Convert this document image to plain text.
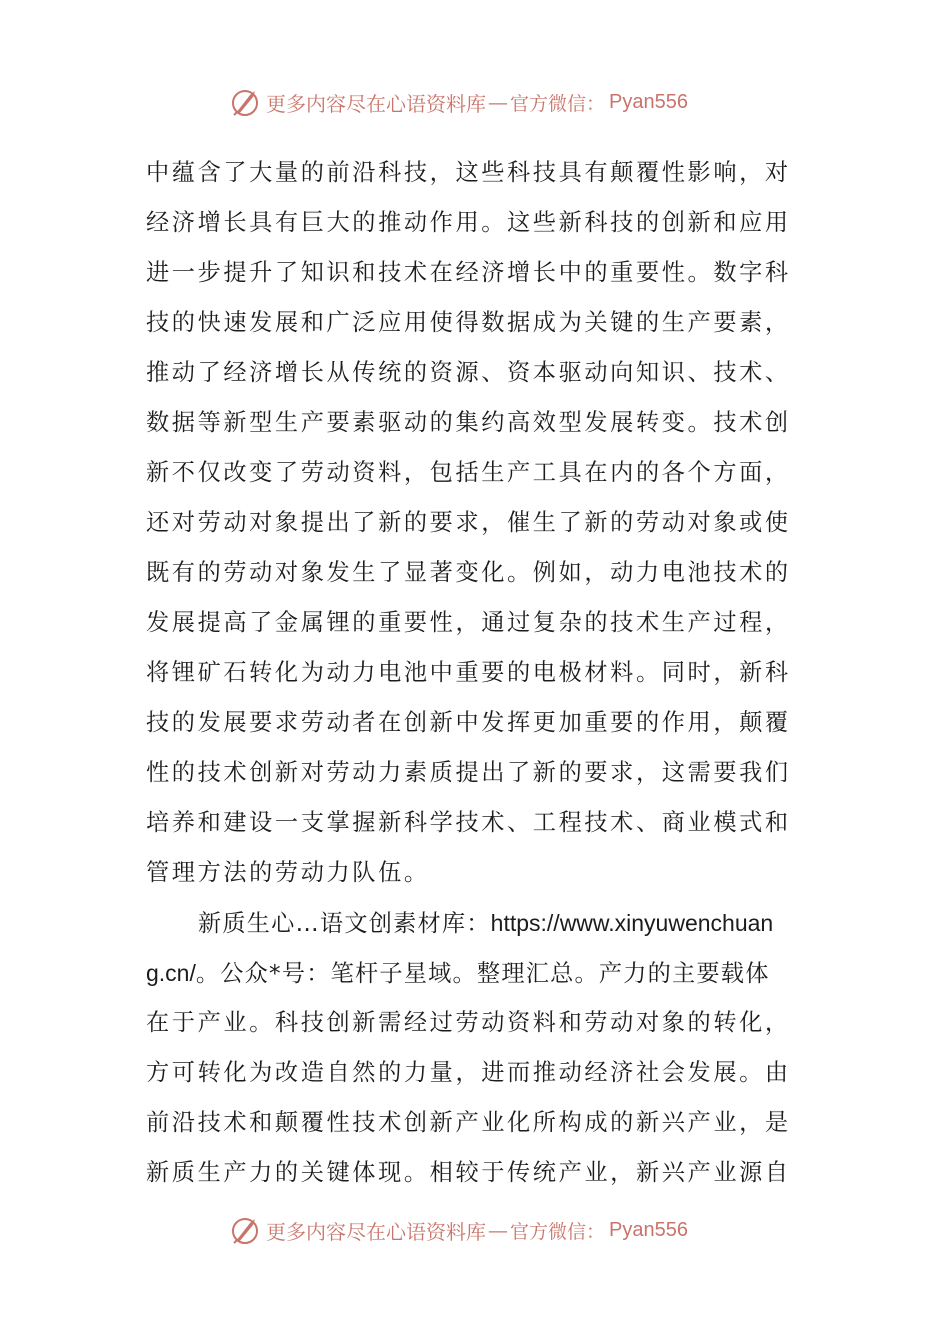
更多内容尽在心语资料库 — 官方微信： Pyan556
中蕴含了大量的前沿科技，这些科技具有颠覆性影响，对
经济增长具有巨大的推动作用。这些新科技的创新和应用
进一步提升了知识和技术在经济增长中的重要性。数字科
技的快速发展和广泛应用使得数据成为关键的生产要素，
推动了经济增长从传统的资源、资本驱动向知识、技术、
数据等新型生产要素驱动的集约高效型发展转变。技术创
新不仅改变了劳动资料，包括生产工具在内的各个方面，
还对劳动对象提出了新的要求，催生了新的劳动对象或使
既有的劳动对象发生了显著变化。例如，动力电池技术的
发展提高了金属锂的重要性，通过复杂的技术生产过程，
将锂矿石转化为动力电池中重要的电极材料。同时，新科
技的发展要求劳动者在创新中发挥更加重要的作用，颠覆
性的技术创新对劳动力素质提出了新的要求，这需要我们
培养和建设一支掌握新科学技术、工程技术、商业模式和
管理方法的劳动力队伍。
新质生心…语文创素材库：https://www.xinyuwenchuan
g.cn/。公众*号：笔杆子星域。整理汇总。产力的主要载体
在于产业。科技创新需经过劳动资料和劳动对象的转化，
方可转化为改造自然的力量，进而推动经济社会发展。由
前沿技术和颠覆性技术创新产业化所构成的新兴产业，是
新质生产力的关键体现。相较于传统产业，新兴产业源自
更多内容尽在心语资料库 — 官方微信： Pyan556
